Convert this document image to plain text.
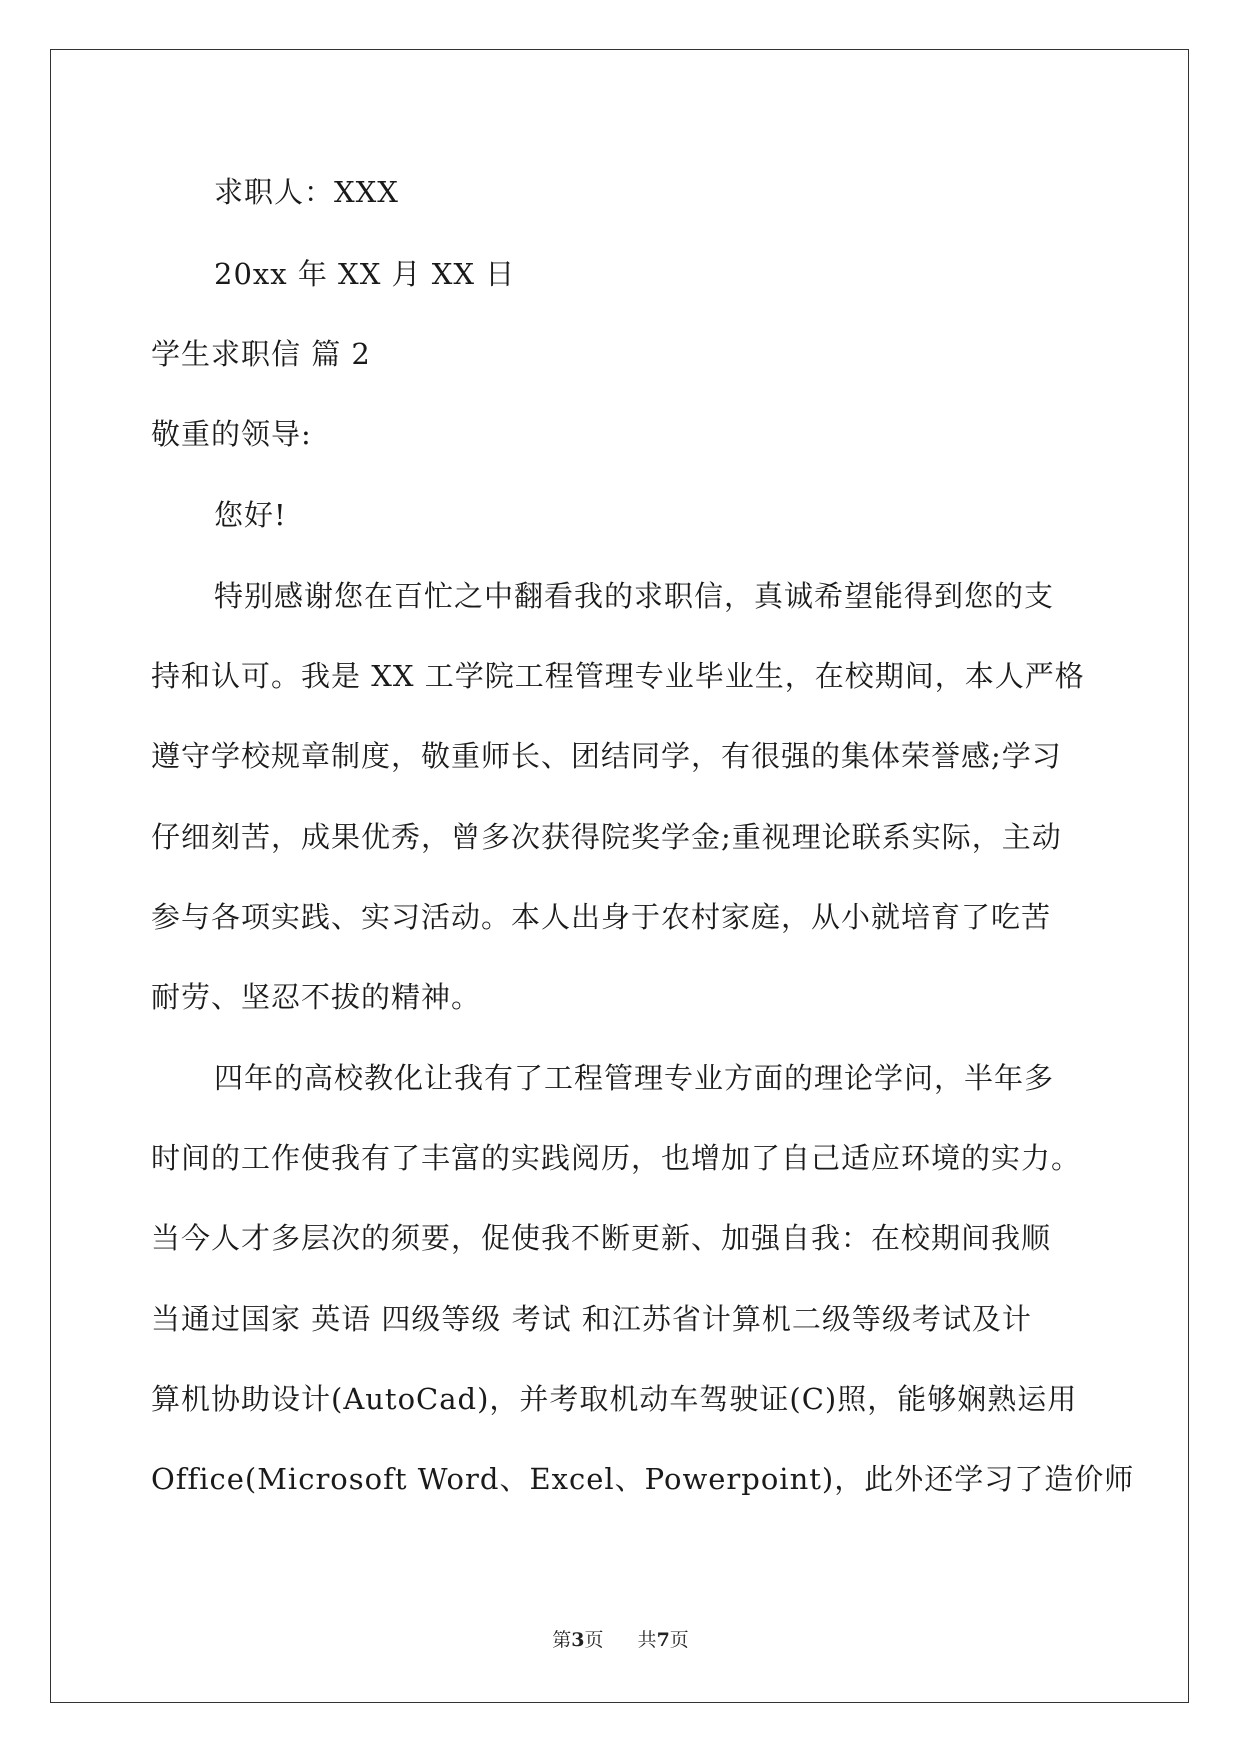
求职人：XXX
20xx 年 XX 月 XX 日
学生求职信 篇 2
敬重的领导:
您好!
特别感谢您在百忙之中翻看我的求职信，真诚希望能得到您的支
持和认可。我是 XX 工学院工程管理专业毕业生，在校期间，本人严格
遵守学校规章制度，敬重师长、团结同学，有很强的集体荣誉感;学习
仔细刻苦，成果优秀，曾多次获得院奖学金;重视理论联系实际，主动
参与各项实践、实习活动。本人出身于农村家庭，从小就培育了吃苦
耐劳、坚忍不拔的精神。
四年的高校教化让我有了工程管理专业方面的理论学问，半年多
时间的工作使我有了丰富的实践阅历，也增加了自己适应环境的实力。
当今人才多层次的须要，促使我不断更新、加强自我：在校期间我顺
当通过国家 英语 四级等级 考试 和江苏省计算机二级等级考试及计
算机协助设计(AutoCad)，并考取机动车驾驶证(C)照，能够娴熟运用
Office(Microsoft Word、Excel、Powerpoint)，此外还学习了造价师
第3页 共7页
